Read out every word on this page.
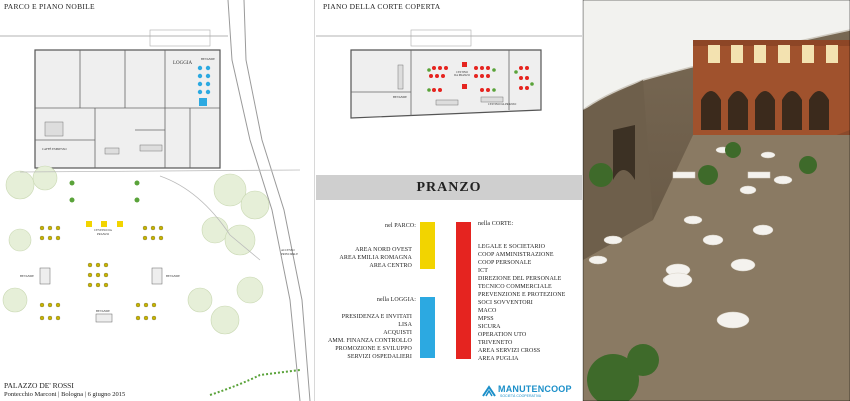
PARCO E PIANO NOBILE
LOGGIA
BEVANDE
CAFFÈ ESPRESSO
CESTINO DA PRANZO
BEVANDE	BEVANDE
BEVANDE
ACCESSO PRINCIPALE
PALAZZO DE' ROSSI
Pontecchio Marconi | Bologna | 6 giugno 2015
PIANO DELLA CORTE COPERTA
BEVANDE
CESTINO DA PRANZO
CESTINO DA PRANZO
PRANZO
nel PARCO:
AREA NORD OVEST
AREA EMILIA ROMAGNA
AREA CENTRO
nella LOGGIA:
PRESIDENZA E INVITATI
LISA
ACQUISTI
AMM. FINANZA CONTROLLO
PROMOZIONE E SVILUPPO
SERVIZI OSPEDALIERI
nella CORTE:
LEGALE E SOCIETARIO
COOP AMMINISTRAZIONE
COOP PERSONALE
ICT
DIREZIONE DEL PERSONALE
TECNICO COMMERCIALE
PREVENZIONE E PROTEZIONE
SOCI SOVVENTORI
MACO
MPSS
SICURA
OPERATION UTO
TRIVENETO
AREA SERVIZI CROSS
AREA PUGLIA
MANUTENCOOP
SOCIETÀ COOPERATIVA
